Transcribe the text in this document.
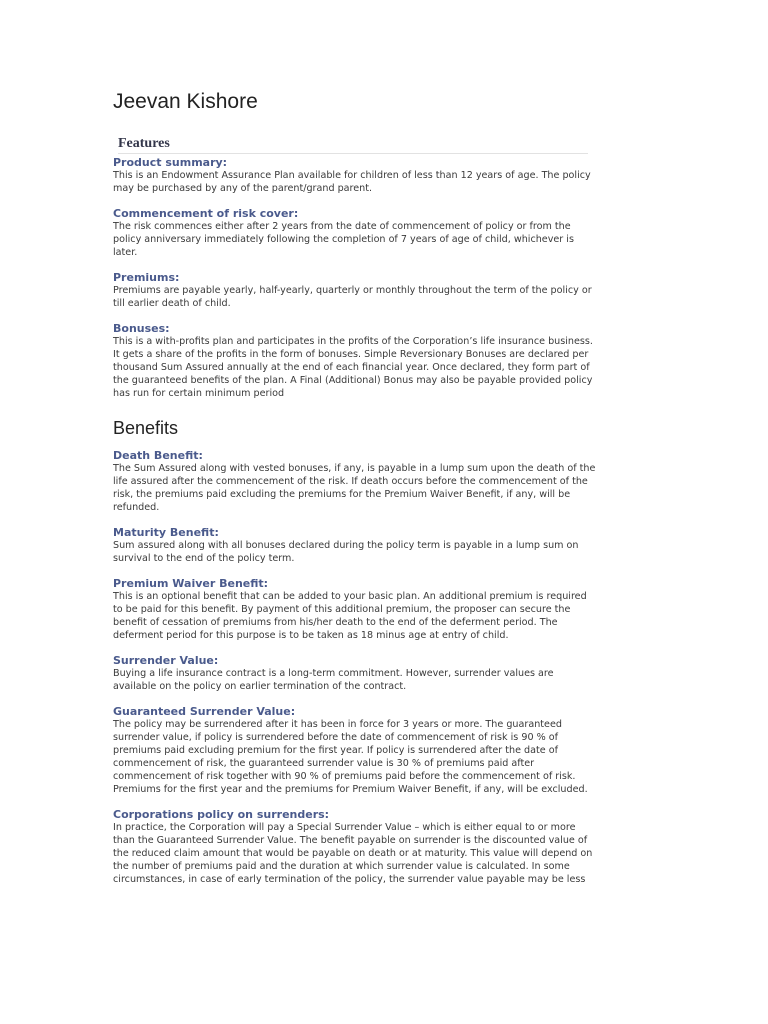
Jeevan Kishore
Features

Product summary:

This is an Endowment Assurance Plan available for children of less than 12 years of age. The policy
may be purchased by any of the parent/grand parent.

Commencement of risk cover:

The risk commences either after 2 years from the date of commencement of policy or from the
policy anniversary immediately following the completion of 7 years of age of child, whichever is
later.

Premiums:

Premiums are payable yearly, half-yearly, quarterly or monthly throughout the term of the policy or
till earlier death of child.

Bonuses:

This is a with-profits plan and participates in the profits of the Corporation’s life insurance business.
It gets a share of the profits in the form of bonuses. Simple Reversionary Bonuses are declared per
thousand Sum Assured annually at the end of each financial year. Once declared, they form part of
the guaranteed benefits of the plan. A Final (Additional) Bonus may also be payable provided policy
has run for certain minimum period

Benefits

Death Benefit:

The Sum Assured along with vested bonuses, if any, is payable in a lump sum upon the death of the
life assured after the commencement of the risk. If death occurs before the commencement of the
risk, the premiums paid excluding the premiums for the Premium Waiver Benefit, if any, will be
refunded.

Maturity Benefit:

Sum assured along with all bonuses declared during the policy term is payable in a lump sum on
survival to the end of the policy term.

Premium Waiver Benefit:

This is an optional benefit that can be added to your basic plan. An additional premium is required
to be paid for this benefit. By payment of this additional premium, the proposer can secure the
benefit of cessation of premiums from his/her death to the end of the deferment period. The
deferment period for this purpose is to be taken as 18 minus age at entry of child.

Surrender Value:

Buying a life insurance contract is a long-term commitment. However, surrender values are
available on the policy on earlier termination of the contract.

Guaranteed Surrender Value:

The policy may be surrendered after it has been in force for 3 years or more. The guaranteed
surrender value, if policy is surrendered before the date of commencement of risk is 90 % of
premiums paid excluding premium for the first year. If policy is surrendered after the date of
commencement of risk, the guaranteed surrender value is 30 % of premiums paid after
commencement of risk together with 90 % of premiums paid before the commencement of risk.
Premiums for the first year and the premiums for Premium Waiver Benefit, if any, will be excluded.

Corporations policy on surrenders:

In practice, the Corporation will pay a Special Surrender Value – which is either equal to or more
than the Guaranteed Surrender Value. The benefit payable on surrender is the discounted value of
the reduced claim amount that would be payable on death or at maturity. This value will depend on
the number of premiums paid and the duration at which surrender value is calculated. In some
circumstances, in case of early termination of the policy, the surrender value payable may be less
